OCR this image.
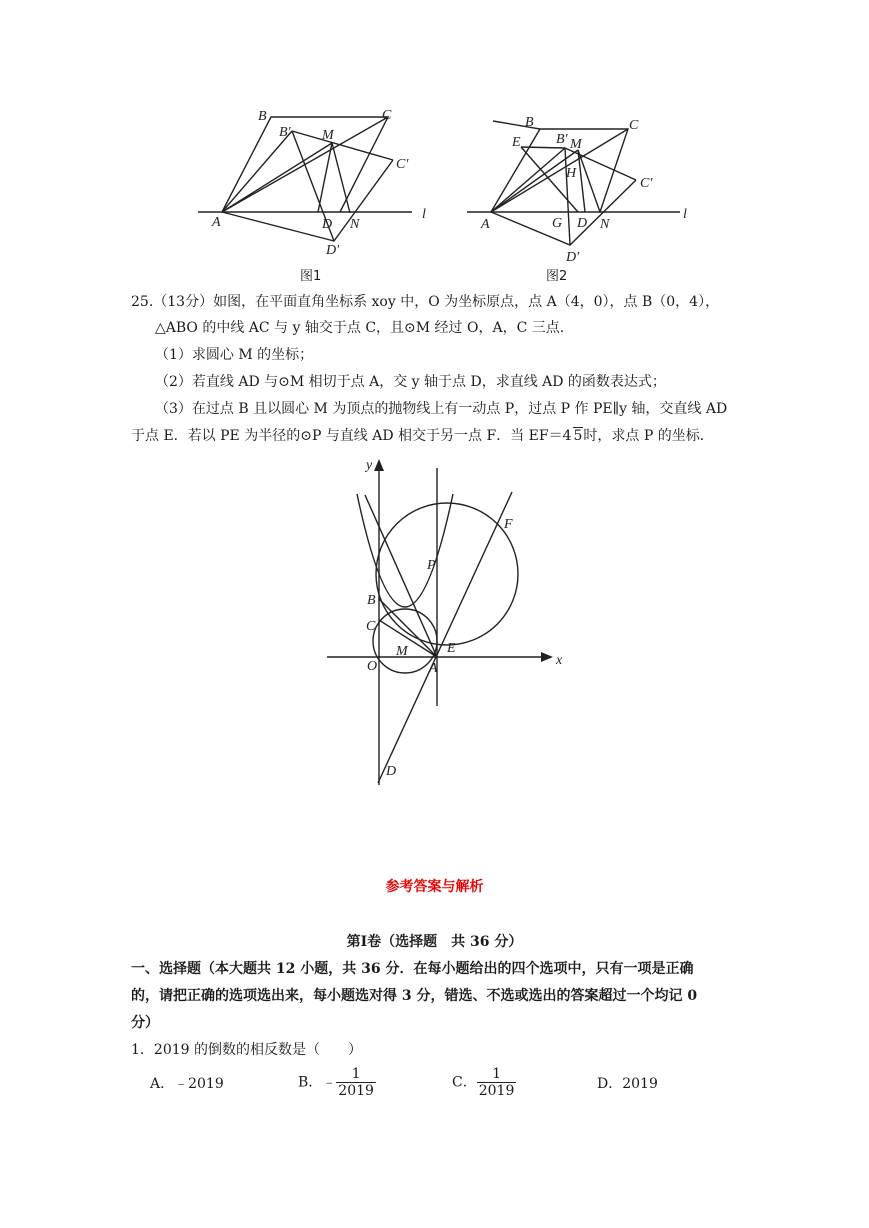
B
B′ M
C
C′
A	D N
D′
l
图1
B
E	B′ M
C
H
C′
A	G D N
D′
l
图2
25.（13分）如图，在平面直角坐标系 xoy 中，O 为坐标原点，点 A（4，0），点 B（0，4），
△ABO 的中线 AC 与 y 轴交于点 C，且⊙M 经过 O，A，C 三点．
（1）求圆心 M 的坐标；
（2）若直线 AD 与⊙M 相切于点 A，交 y 轴于点 D，求直线 AD 的函数表达式；
（3）在过点 B 且以圆心 M 为顶点的抛物线上有一动点 P，过点 P 作 PE∥y 轴，交直线 AD
于点 E．若以 PE 为半径的⊙P 与直线 AD 相交于另一点 F．当 EF＝4 5时，求点 P 的坐标．
y
x
F
P
B
C
M	E
O	A
D
参考答案与解析
第Ⅰ卷（选择题　共 36 分）
一、选择题（本大题共 12 小题，共 36 分．在每小题给出的四个选项中，只有一项是正确
的，请把正确的选项选出来，每小题选对得 3 分，错选、不选或选出的答案超过一个均记 0
分）
1．2019 的倒数的相反数是（　　）
A．﹣2019	B．﹣ $\frac{1}{2019}$	C． $\frac{1}{2019}$	D．2019
